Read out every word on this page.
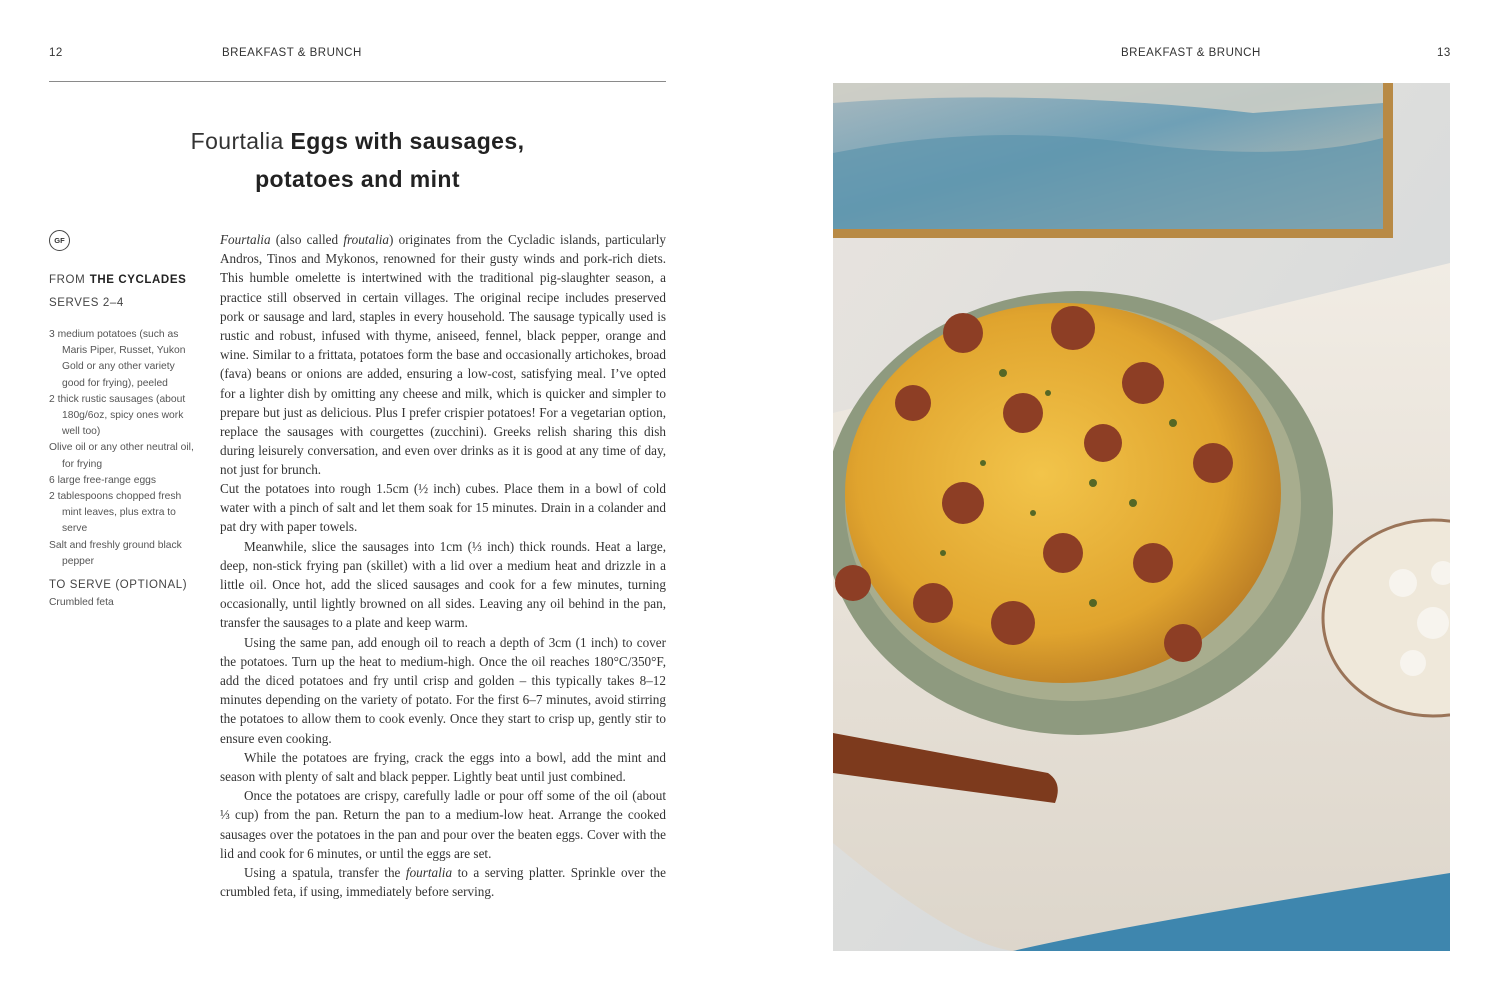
12	BREAKFAST & BRUNCH	BREAKFAST & BRUNCH	13
Fourtalia Eggs with sausages,
potatoes and mint
GF
FROM THE CYCLADES
SERVES 2–4
3 medium potatoes (such as Maris Piper, Russet, Yukon Gold or any other variety good for frying), peeled
2 thick rustic sausages (about 180g/6oz, spicy ones work well too)
Olive oil or any other neutral oil, for frying
6 large free-range eggs
2 tablespoons chopped fresh mint leaves, plus extra to serve
Salt and freshly ground black pepper
TO SERVE (OPTIONAL)
Crumbled feta

Fourtalia (also called froutalia) originates from the Cycladic islands, particularly Andros, Tinos and Mykonos, renowned for their gusty winds and pork-rich diets. This humble omelette is intertwined with the traditional pig-slaughter season, a practice still observed in certain villages. The original recipe includes preserved pork or sausage and lard, staples in every household. The sausage typically used is rustic and robust, infused with thyme, aniseed, fennel, black pepper, orange and wine. Similar to a frittata, potatoes form the base and occasionally artichokes, broad (fava) beans or onions are added, ensuring a low-cost, satisfying meal. I’ve opted for a lighter dish by omitting any cheese and milk, which is quicker and simpler to prepare but just as delicious. Plus I prefer crispier potatoes! For a vegetarian option, replace the sausages with courgettes (zucchini). Greeks relish sharing this dish during leisurely conversation, and even over drinks as it is good at any time of day, not just for brunch.

Cut the potatoes into rough 1.5cm (½ inch) cubes. Place them in a bowl of cold water with a pinch of salt and let them soak for 15 minutes. Drain in a colander and pat dry with paper towels.

Meanwhile, slice the sausages into 1cm (⅓ inch) thick rounds. Heat a large, deep, non-stick frying pan (skillet) with a lid over a medium heat and drizzle in a little oil. Once hot, add the sliced sausages and cook for a few minutes, turning occasionally, until lightly browned on all sides. Leaving any oil behind in the pan, transfer the sausages to a plate and keep warm.

Using the same pan, add enough oil to reach a depth of 3cm (1 inch) to cover the potatoes. Turn up the heat to medium-high. Once the oil reaches 180°C/350°F, add the diced potatoes and fry until crisp and golden – this typically takes 8–12 minutes depending on the variety of potato. For the first 6–7 minutes, avoid stirring the potatoes to allow them to cook evenly. Once they start to crisp up, gently stir to ensure even cooking.

While the potatoes are frying, crack the eggs into a bowl, add the mint and season with plenty of salt and black pepper. Lightly beat until just combined.

Once the potatoes are crispy, carefully ladle or pour off some of the oil (about ⅓ cup) from the pan. Return the pan to a medium-low heat. Arrange the cooked sausages over the potatoes in the pan and pour over the beaten eggs. Cover with the lid and cook for 6 minutes, or until the eggs are set.

Using a spatula, transfer the fourtalia to a serving platter. Sprinkle over the crumbled feta, if using, immediately before serving.
